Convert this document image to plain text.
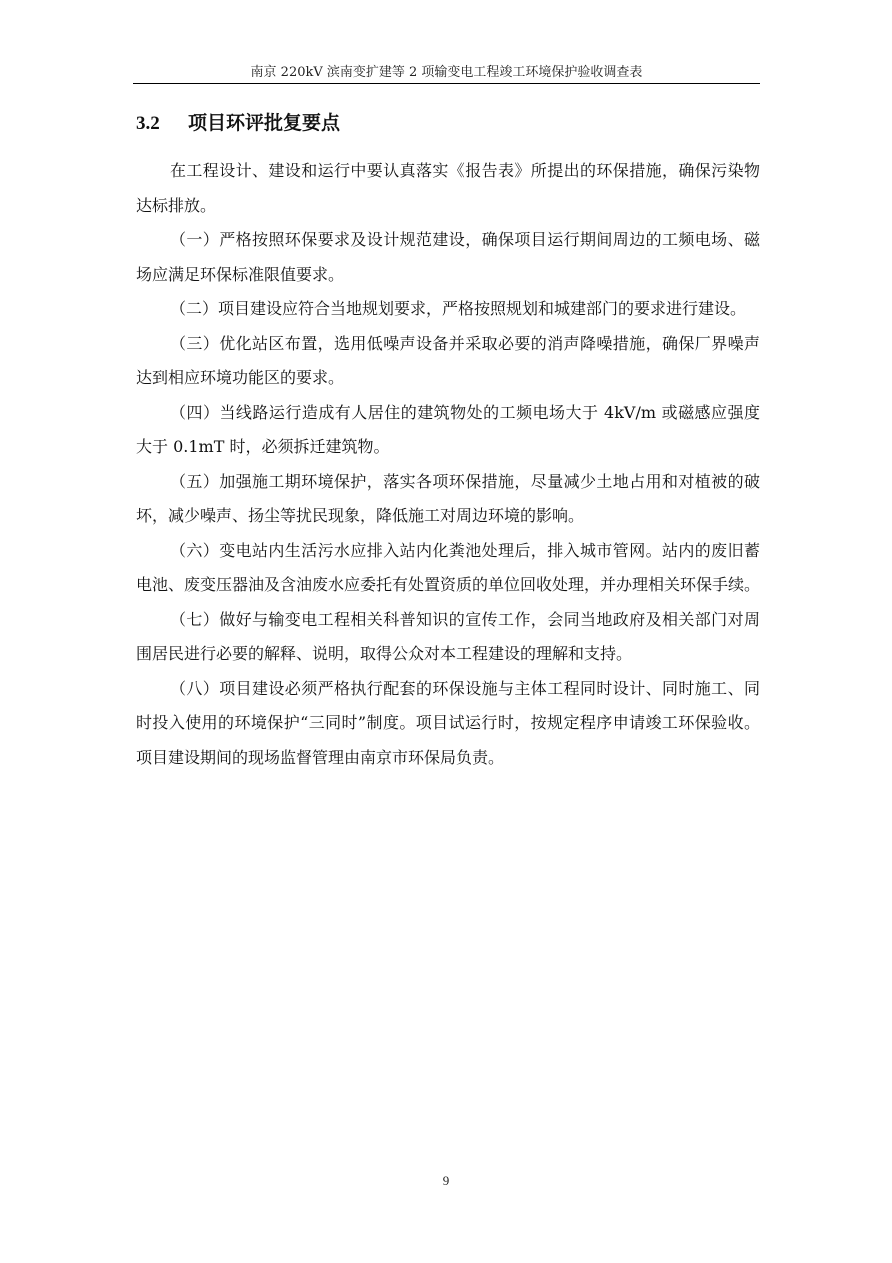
南京 220kV 滨南变扩建等 2 项输变电工程竣工环境保护验收调查表
3.2 项目环评批复要点

在工程设计、建设和运行中要认真落实《报告表》所提出的环保措施，确保污染物达标排放。

（一）严格按照环保要求及设计规范建设，确保项目运行期间周边的工频电场、磁场应满足环保标准限值要求。

（二）项目建设应符合当地规划要求，严格按照规划和城建部门的要求进行建设。

（三）优化站区布置，选用低噪声设备并采取必要的消声降噪措施，确保厂界噪声达到相应环境功能区的要求。

（四）当线路运行造成有人居住的建筑物处的工频电场大于 4kV/m 或磁感应强度大于 0.1mT 时，必须拆迁建筑物。

（五）加强施工期环境保护，落实各项环保措施，尽量减少土地占用和对植被的破坏，减少噪声、扬尘等扰民现象，降低施工对周边环境的影响。

（六）变电站内生活污水应排入站内化粪池处理后，排入城市管网。站内的废旧蓄电池、废变压器油及含油废水应委托有处置资质的单位回收处理，并办理相关环保手续。

（七）做好与输变电工程相关科普知识的宣传工作，会同当地政府及相关部门对周围居民进行必要的解释、说明，取得公众对本工程建设的理解和支持。

（八）项目建设必须严格执行配套的环保设施与主体工程同时设计、同时施工、同时投入使用的环境保护“三同时”制度。项目试运行时，按规定程序申请竣工环保验收。项目建设期间的现场监督管理由南京市环保局负责。

9
